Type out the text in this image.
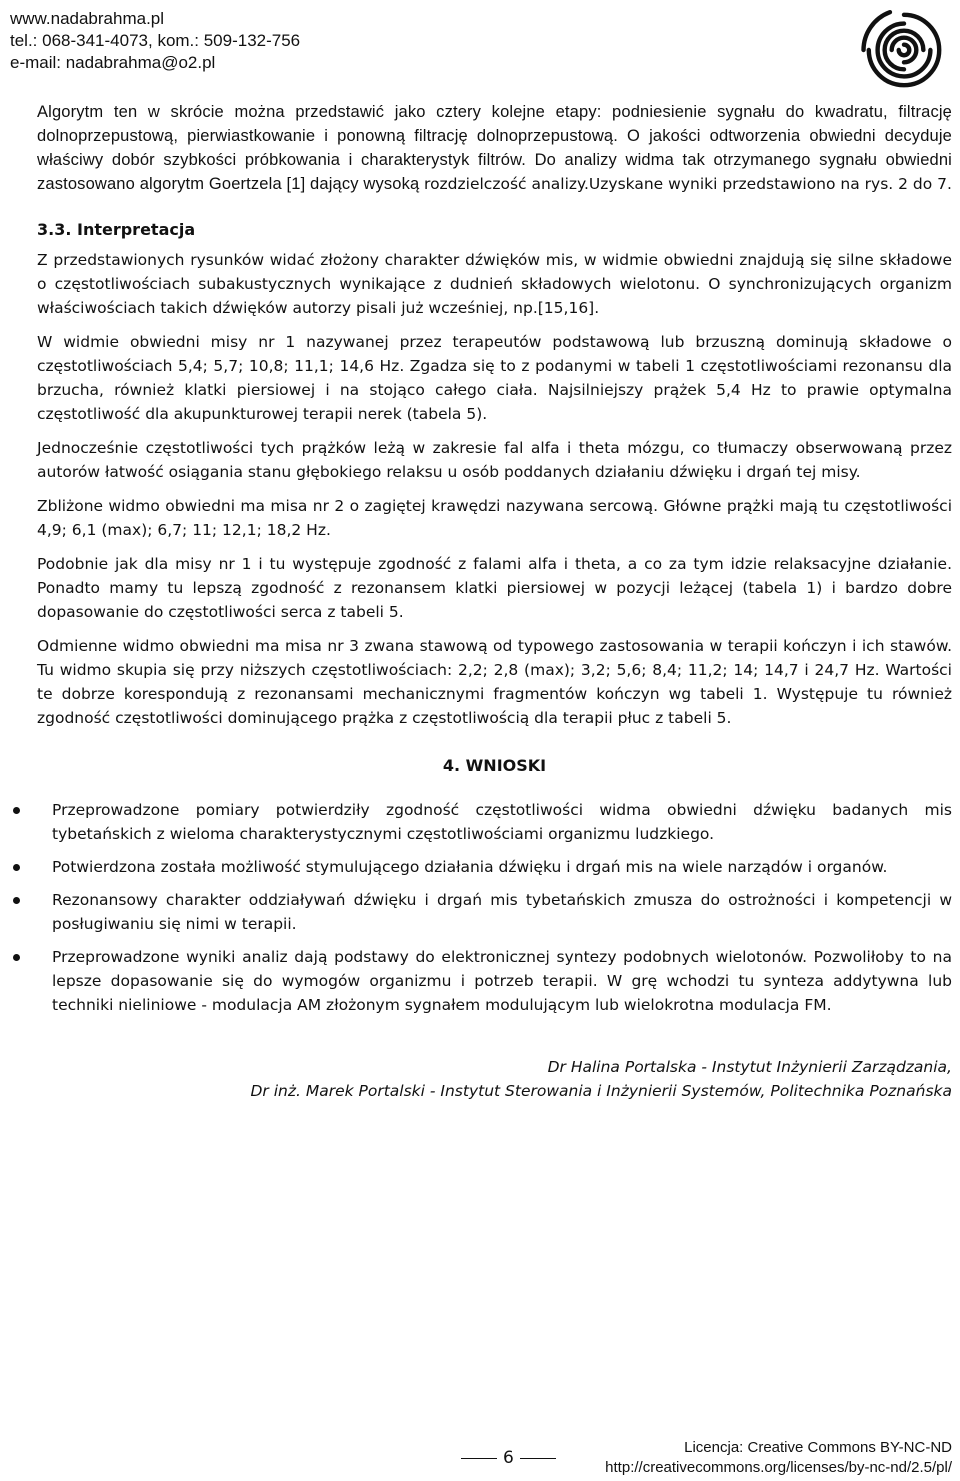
www.nadabrahma.pl
tel.: 068-341-4073, kom.: 509-132-756
e-mail: nadabrahma@o2.pl

Algorytm ten w skrócie można przedstawić jako cztery kolejne etapy: podniesienie sygnału do kwadratu, filtrację dolnoprzepustową, pierwiastkowanie i ponowną filtrację dolnoprzepustową. O jakości odtworzenia obwiedni decyduje właściwy dobór szybkości próbkowania i charakterystyk filtrów. Do analizy widma tak otrzymanego sygnału obwiedni zastosowano algorytm Goertzela [1] dający wysoką rozdzielczość analizy.Uzyskane wyniki przedstawiono na rys. 2 do 7.

3.3. Interpretacja

Z przedstawionych rysunków widać złożony charakter dźwięków mis, w widmie obwiedni znajdują się silne składowe o częstotliwościach subakustycznych wynikające z dudnień składowych wielotonu. O synchronizujących organizm właściwościach takich dźwięków autorzy pisali już wcześniej, np.[15,16].

W widmie obwiedni misy nr 1 nazywanej przez terapeutów podstawową lub brzuszną dominują składowe o częstotliwościach 5,4; 5,7; 10,8; 11,1; 14,6 Hz. Zgadza się to z podanymi w tabeli 1 częstotliwościami rezonansu dla brzucha, również klatki piersiowej i na stojąco całego ciała. Najsilniejszy prążek 5,4 Hz to prawie optymalna częstotliwość dla akupunkturowej terapii nerek (tabela 5).

Jednocześnie częstotliwości tych prążków leżą w zakresie fal alfa i theta mózgu, co tłumaczy obserwowaną przez autorów łatwość osiągania stanu głębokiego relaksu u osób poddanych działaniu dźwięku i drgań tej misy.

Zbliżone widmo obwiedni ma misa nr 2 o zagiętej krawędzi nazywana sercową. Główne prążki mają tu częstotliwości 4,9; 6,1 (max); 6,7; 11; 12,1; 18,2 Hz.

Podobnie jak dla misy nr 1 i tu występuje zgodność z falami alfa i theta, a co za tym idzie relaksacyjne działanie. Ponadto mamy tu lepszą zgodność z rezonansem klatki piersiowej w pozycji leżącej (tabela 1) i bardzo dobre dopasowanie do częstotliwości serca z tabeli 5.

Odmienne widmo obwiedni ma misa nr 3 zwana stawową od typowego zastosowania w terapii kończyn i ich stawów. Tu widmo skupia się przy niższych częstotliwościach: 2,2; 2,8 (max); 3,2; 5,6; 8,4; 11,2; 14; 14,7 i 24,7 Hz. Wartości te dobrze korespondują z rezonansami mechanicznymi fragmentów kończyn wg tabeli 1. Występuje tu również zgodność częstotliwości dominującego prążka z częstotliwością dla terapii płuc z tabeli 5.

4. WNIOSKI
Przeprowadzone pomiary potwierdziły zgodność częstotliwości widma obwiedni dźwięku badanych mis tybetańskich z wieloma charakterystycznymi częstotliwościami organizmu ludzkiego.
Potwierdzona została możliwość stymulującego działania dźwięku i drgań mis na wiele narządów i organów.
Rezonansowy charakter oddziaływań dźwięku i drgań mis tybetańskich zmusza do ostrożności i kompetencji w posługiwaniu się nimi w terapii.
Przeprowadzone wyniki analiz dają podstawy do elektronicznej syntezy podobnych wielotonów. Pozwoliłoby to na lepsze dopasowanie się do wymogów organizmu i potrzeb terapii. W grę wchodzi tu synteza addytywna lub techniki nieliniowe - modulacja AM złożonym sygnałem modulującym lub wielokrotna modulacja FM.
Dr Halina Portalska - Instytut Inżynierii Zarządzania,
Dr inż. Marek Portalski - Instytut Sterowania i Inżynierii Systemów, Politechnika Poznańska
6
Licencja: Creative Commons BY-NC-ND
http://creativecommons.org/licenses/by-nc-nd/2.5/pl/
